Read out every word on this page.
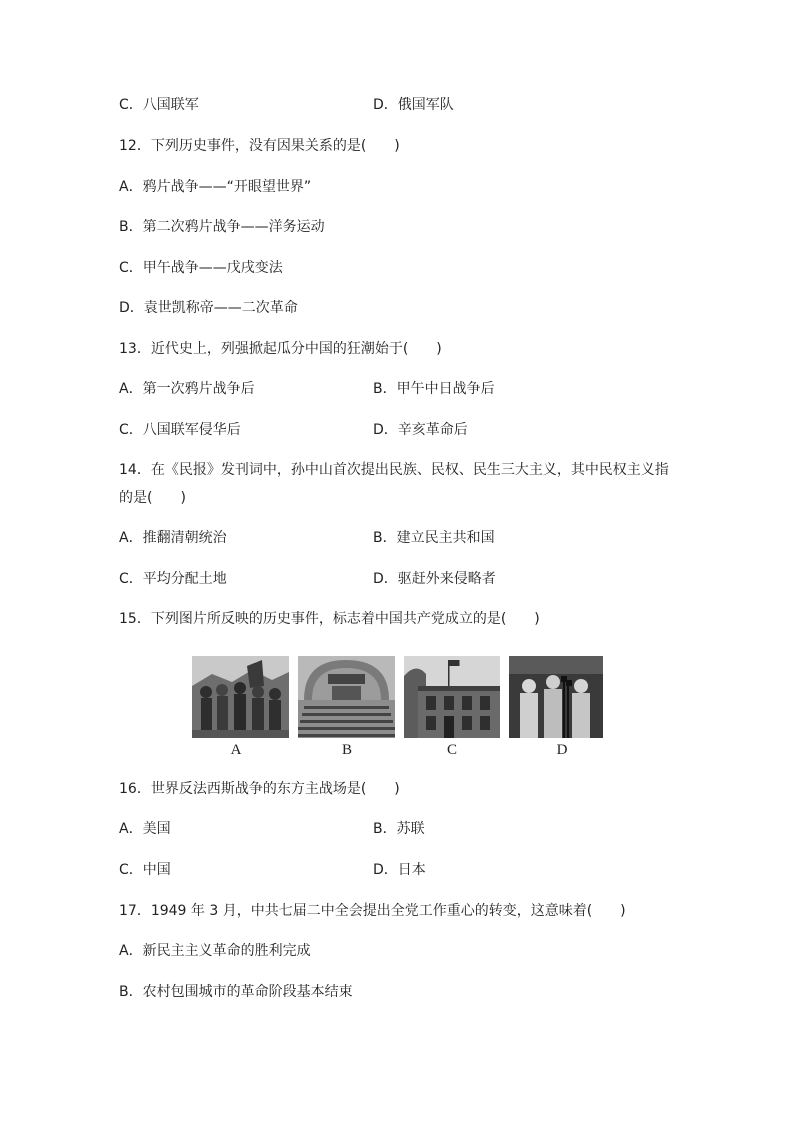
C．八国联军	D．俄国军队
12．下列历史事件，没有因果关系的是(　　)
A．鸦片战争——“开眼望世界”
B．第二次鸦片战争——洋务运动
C．甲午战争——戊戌变法
D．袁世凯称帝——二次革命
13．近代史上，列强掀起瓜分中国的狂潮始于(　　)
A．第一次鸦片战争后	B．甲午中日战争后
C．八国联军侵华后	D．辛亥革命后
14．在《民报》发刊词中，孙中山首次提出民族、民权、民生三大主义，其中民权主义指
的是(　　)
A．推翻清朝统治	B．建立民主共和国
C．平均分配土地	D．驱赶外来侵略者
15．下列图片所反映的历史事件，标志着中国共产党成立的是(　　)
A	B	C	D
16．世界反法西斯战争的东方主战场是(　　)
A．美国	B．苏联
C．中国	D．日本
17．1949 年 3 月，中共七届二中全会提出全党工作重心的转变，这意味着(　　)
A．新民主主义革命的胜利完成
B．农村包围城市的革命阶段基本结束
